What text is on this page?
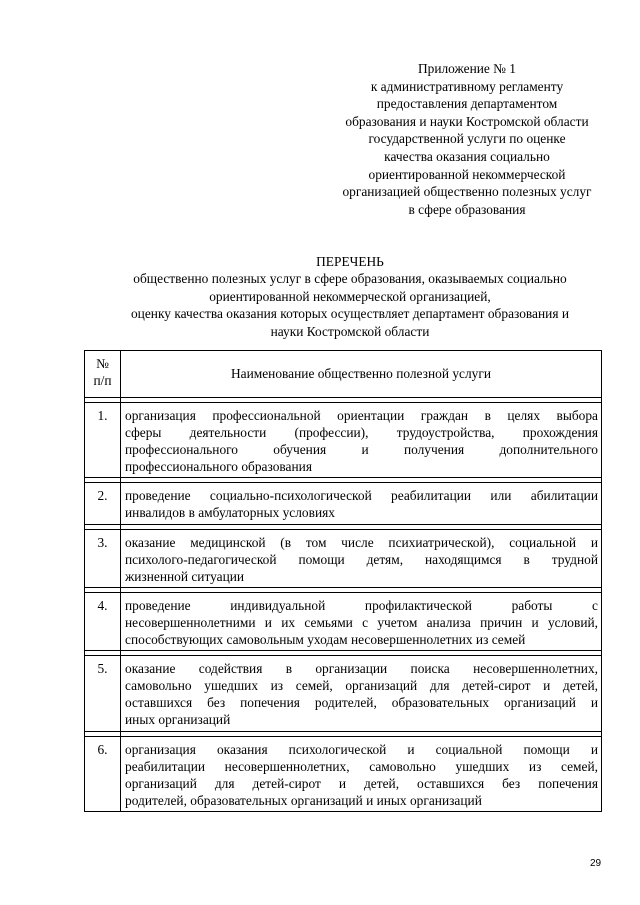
Приложение № 1
к административному регламенту
предоставления департаментом
образования и науки Костромской области
государственной услуги по оценке
качества оказания социально
ориентированной некоммерческой
организацией общественно полезных услуг
в сфере образования
ПЕРЕЧЕНЬ
общественно полезных услуг в сфере образования, оказываемых социально
ориентированной некоммерческой организацией,
оценку качества оказания которых осуществляет департамент образования и
науки Костромской области
№
п/п	Наименование общественно полезной услуги

1.	организация профессиональной ориентации граждан в целях выбора
сферы деятельности (профессии), трудоустройства, прохождения
профессионального обучения и получения дополнительного
профессионального образования

2.	проведение социально-психологической реабилитации или абилитации
инвалидов в амбулаторных условиях

3.	оказание медицинской (в том числе психиатрической), социальной и
психолого-педагогической помощи детям, находящимся в трудной
жизненной ситуации

4.	проведение индивидуальной профилактической работы с
несовершеннолетними и их семьями с учетом анализа причин и условий,
способствующих самовольным уходам несовершеннолетних из семей

5.	оказание содействия в организации поиска несовершеннолетних,
самовольно ушедших из семей, организаций для детей-сирот и детей,
оставшихся без попечения родителей, образовательных организаций и
иных организаций

6.	организация оказания психологической и социальной помощи и
реабилитации несовершеннолетних, самовольно ушедших из семей,
организаций для детей-сирот и детей, оставшихся без попечения
родителей, образовательных организаций и иных организаций
29
